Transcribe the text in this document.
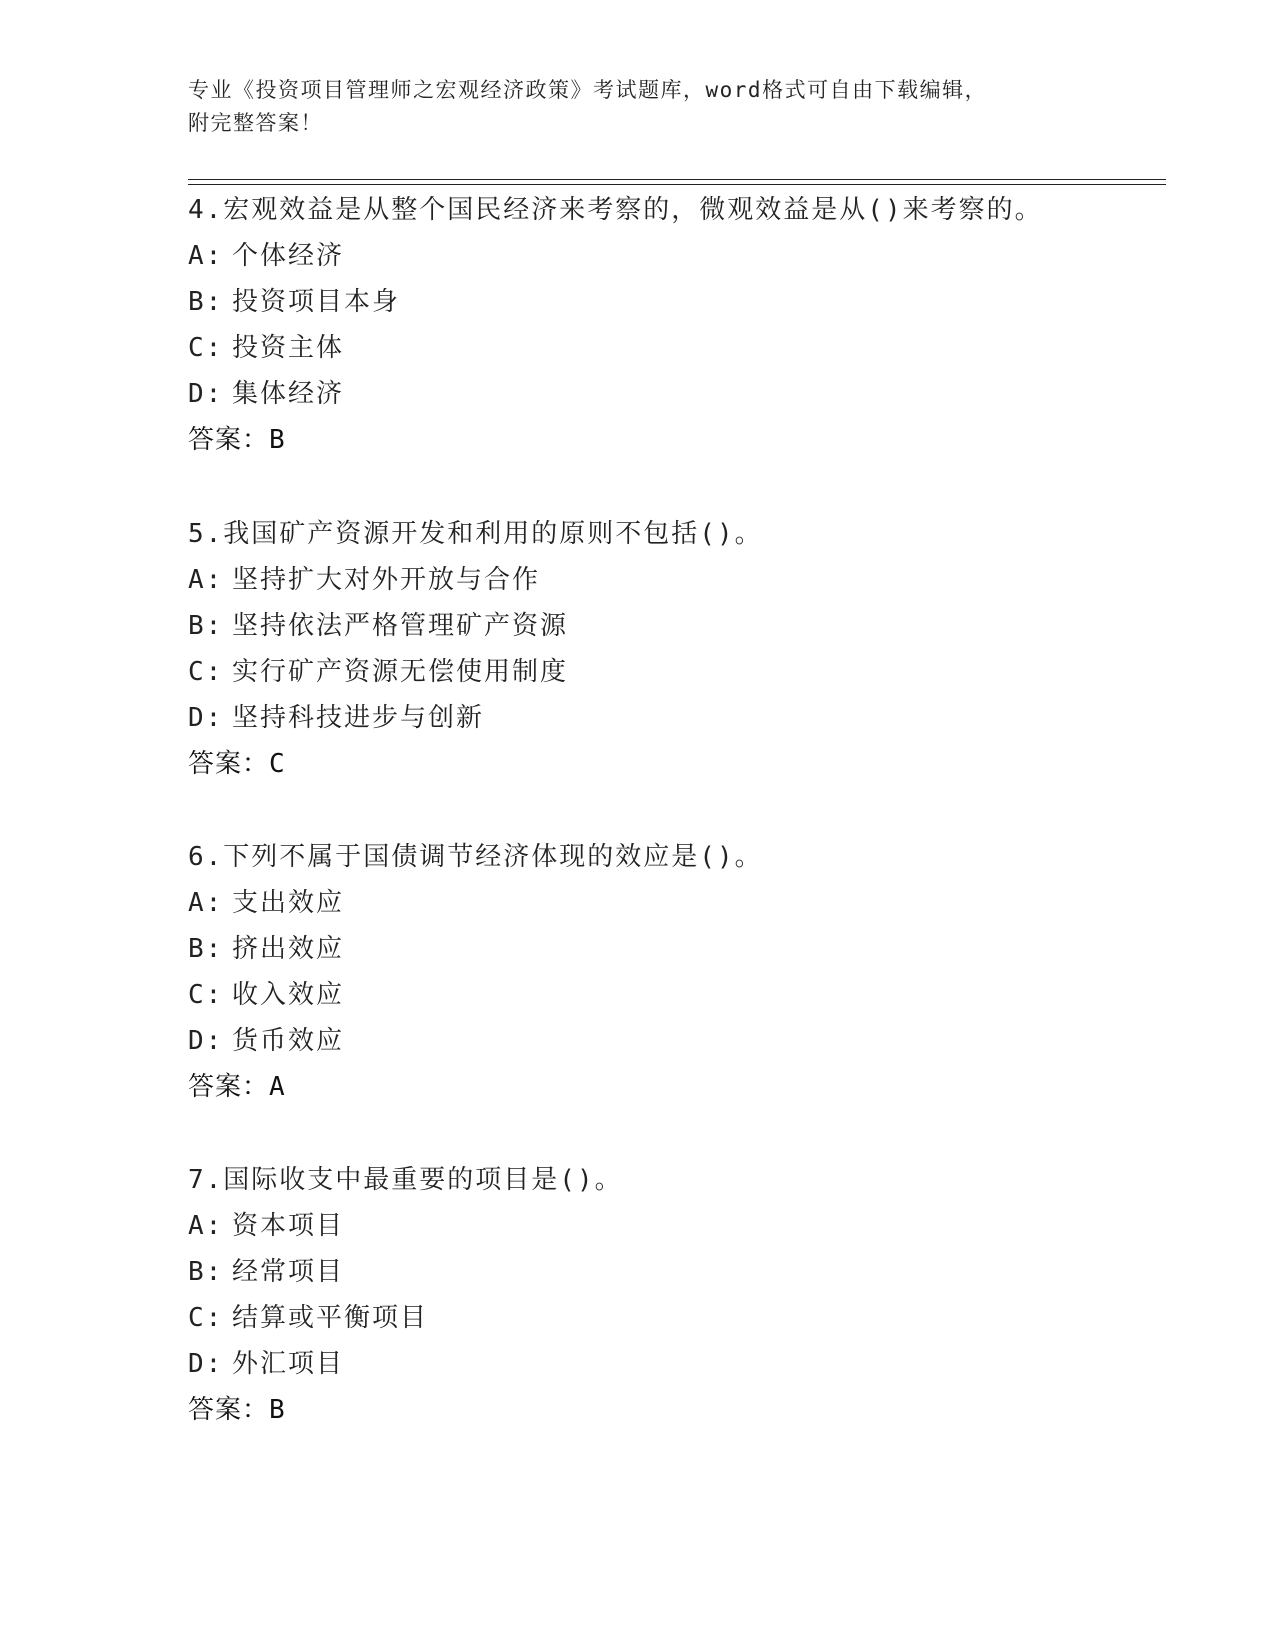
专业《投资项目管理师之宏观经济政策》考试题库，word格式可自由下载编辑，
附完整答案！
4.宏观效益是从整个国民经济来考察的，微观效益是从()来考察的。
A: 个体经济
B: 投资项目本身
C: 投资主体
D: 集体经济
答案：B
5.我国矿产资源开发和利用的原则不包括()。
A: 坚持扩大对外开放与合作
B: 坚持依法严格管理矿产资源
C: 实行矿产资源无偿使用制度
D: 坚持科技进步与创新
答案：C
6.下列不属于国债调节经济体现的效应是()。
A: 支出效应
B: 挤出效应
C: 收入效应
D: 货币效应
答案：A
7.国际收支中最重要的项目是()。
A: 资本项目
B: 经常项目
C: 结算或平衡项目
D: 外汇项目
答案：B
